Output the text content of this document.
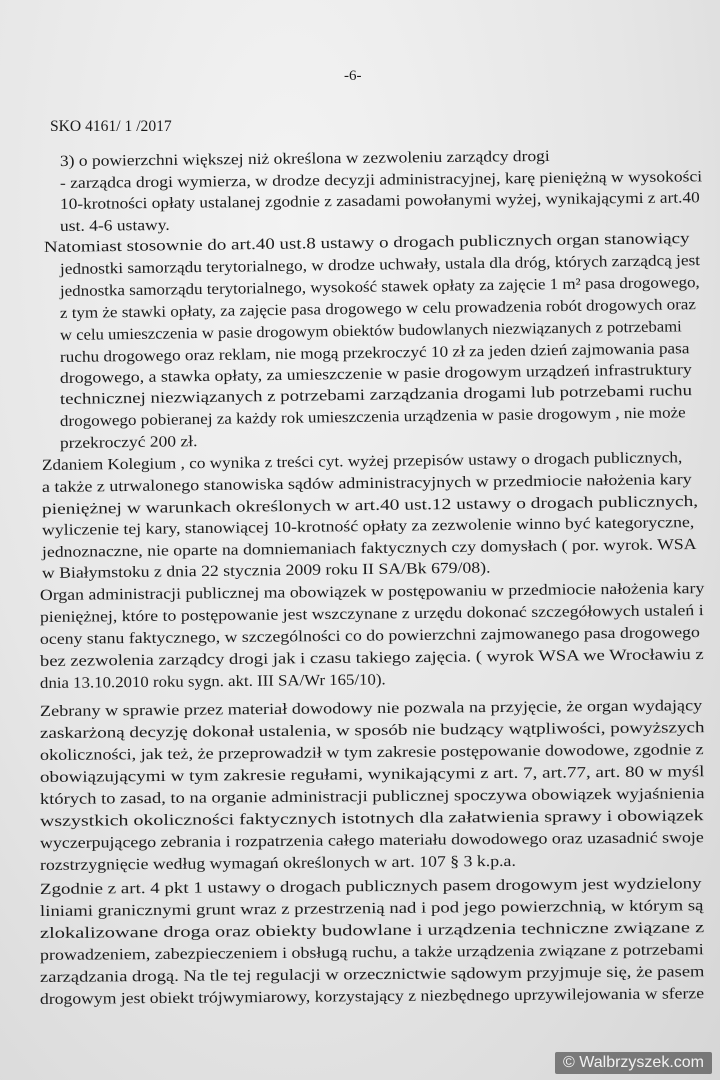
-6-
SKO 4161/ 1 /2017
3) o powierzchni większej niż określona w zezwoleniu zarządcy drogi
- zarządca drogi wymierza, w drodze decyzji administracyjnej, karę pieniężną w wysokości
10-krotności opłaty ustalanej zgodnie z zasadami powołanymi wyżej, wynikającymi z art.40
ust. 4-6 ustawy.
Natomiast stosownie do art.40 ust.8 ustawy o drogach publicznych organ stanowiący
jednostki samorządu terytorialnego, w drodze uchwały, ustala dla dróg, których zarządcą jest
jednostka samorządu terytorialnego, wysokość stawek opłaty za zajęcie 1 m² pasa drogowego,
z tym że stawki opłaty, za zajęcie pasa drogowego w celu prowadzenia robót drogowych oraz
w celu umieszczenia w pasie drogowym obiektów budowlanych niezwiązanych z potrzebami
ruchu drogowego oraz reklam, nie mogą przekroczyć 10 zł za jeden dzień zajmowania pasa
drogowego, a stawka opłaty, za umieszczenie w pasie drogowym urządzeń infrastruktury
technicznej niezwiązanych z potrzebami zarządzania drogami lub potrzebami ruchu
drogowego pobieranej za każdy rok umieszczenia urządzenia w pasie drogowym , nie może
przekroczyć 200 zł.
Zdaniem Kolegium , co wynika z treści cyt. wyżej przepisów ustawy o drogach publicznych,
a także z utrwalonego stanowiska sądów administracyjnych w przedmiocie nałożenia kary
pieniężnej w warunkach określonych w art.40 ust.12 ustawy o drogach publicznych,
wyliczenie tej kary, stanowiącej 10-krotność opłaty za zezwolenie winno być kategoryczne,
jednoznaczne, nie oparte na domniemaniach faktycznych czy domysłach ( por. wyrok. WSA
w Białymstoku z dnia 22 stycznia 2009 roku II SA/Bk 679/08).
Organ administracji publicznej ma obowiązek w postępowaniu w przedmiocie nałożenia kary
pieniężnej, które to postępowanie jest wszczynane z urzędu dokonać szczegółowych ustaleń i
oceny stanu faktycznego, w szczególności co do powierzchni zajmowanego pasa drogowego
bez zezwolenia zarządcy drogi jak i czasu takiego zajęcia. ( wyrok WSA we Wrocławiu z
dnia 13.10.2010 roku sygn. akt. III SA/Wr 165/10).
Zebrany w sprawie przez materiał dowodowy nie pozwala na przyjęcie, że organ wydający
zaskarżoną decyzję dokonał ustalenia, w sposób nie budzący wątpliwości, powyższych
okoliczności, jak też, że przeprowadził w tym zakresie postępowanie dowodowe, zgodnie z
obowiązującymi w tym zakresie regułami, wynikającymi z art. 7, art.77, art. 80 w myśl
których to zasad, to na organie administracji publicznej spoczywa obowiązek wyjaśnienia
wszystkich okoliczności faktycznych istotnych dla załatwienia sprawy i obowiązek
wyczerpującego zebrania i rozpatrzenia całego materiału dowodowego oraz uzasadnić swoje
rozstrzygnięcie według wymagań określonych w art. 107 § 3 k.p.a.
Zgodnie z art. 4 pkt 1 ustawy o drogach publicznych pasem drogowym jest wydzielony
liniami granicznymi grunt wraz z przestrzenią nad i pod jego powierzchnią, w którym są
zlokalizowane droga oraz obiekty budowlane i urządzenia techniczne związane z
prowadzeniem, zabezpieczeniem i obsługą ruchu, a także urządzenia związane z potrzebami
zarządzania drogą. Na tle tej regulacji w orzecznictwie sądowym przyjmuje się, że pasem
drogowym jest obiekt trójwymiarowy, korzystający z niezbędnego uprzywilejowania w sferze
© Walbrzyszek.com
